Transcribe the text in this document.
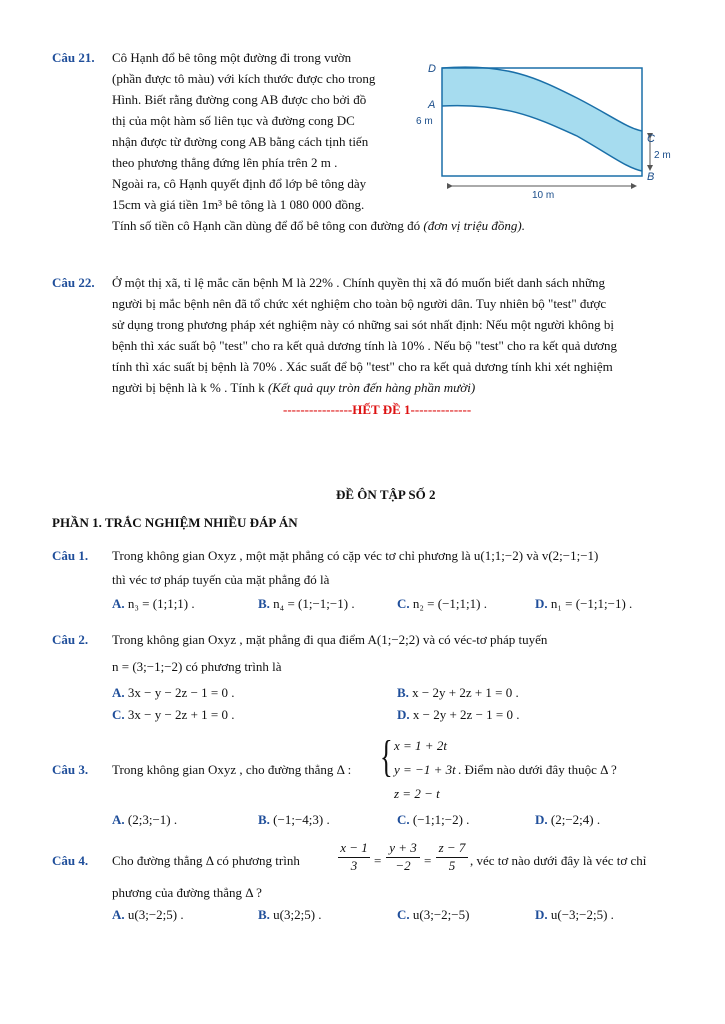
Câu 21. Cô Hạnh đổ bê tông một đường đi trong vườn
(phần được tô màu) với kích thước được cho trong
Hình. Biết rằng đường cong AB được cho bởi đồ
thị của một hàm số liên tục và đường cong DC
nhận được từ đường cong AB bằng cách tịnh tiến
theo phương thẳng đứng lên phía trên 2 m .
Ngoài ra, cô Hạnh quyết định đổ lớp bê tông dày
15cm và giá tiền 1m³ bê tông là 1 080 000 đồng.
Tính số tiền cô Hạnh cần dùng để đổ bê tông con đường đó (đơn vị triệu đồng).
D
A
6 m
C
2 m
B
10 m
Câu 22. Ở một thị xã, tỉ lệ mắc căn bệnh M là 22% . Chính quyền thị xã đó muốn biết danh sách những
người bị mắc bệnh nên đã tổ chức xét nghiệm cho toàn bộ người dân. Tuy nhiên bộ "test" được
sử dụng trong phương pháp xét nghiệm này có những sai sót nhất định: Nếu một người không bị
bệnh thì xác suất bộ "test" cho ra kết quả dương tính là 10% . Nếu bộ "test" cho ra kết quả dương
tính thì xác suất bị bệnh là 70% . Xác suất để bộ "test" cho ra kết quả dương tính khi xét nghiệm
người bị bệnh là k % . Tính k (Kết quả quy tròn đến hàng phần mười)
----------------HẾT ĐỀ 1--------------
ĐỀ ÔN TẬP SỐ 2
PHẦN 1. TRẮC NGHIỆM NHIỀU ĐÁP ÁN
Câu 1. Trong không gian Oxyz , một mặt phẳng có cặp véc tơ chỉ phương là u(1;1;−2) và v(2;−1;−1)
thì véc tơ pháp tuyến của mặt phẳng đó là
A. n₃ = (1;1;1) .	B. n₄ = (1;−1;−1) .	C. n₂ = (−1;1;1) .	D. n₁ = (−1;1;−1) .
Câu 2. Trong không gian Oxyz , mặt phẳng đi qua điểm A(1;−2;2) và có véc-tơ pháp tuyến
n = (3;−1;−2) có phương trình là
A. 3x − y − 2z − 1 = 0 .	B. x − 2y + 2z + 1 = 0 .
C. 3x − y − 2z + 1 = 0 .	D. x − 2y + 2z − 1 = 0 .
Câu 3. Trong không gian Oxyz , cho đường thẳng Δ : { x = 1 + 2t
y = −1 + 3t
z = 2 − t
. Điểm nào dưới đây thuộc Δ ?
A. (2;3;−1) .	B. (−1;−4;3) .	C. (−1;1;−2) .	D. (2;−2;4) .
Câu 4. Cho đường thẳng Δ có phương trình	$\frac{x - 1}{3} = \frac{y + 3}{-2} = \frac{z - 7}{5}$ , véc tơ nào dưới đây là véc tơ chỉ
phương của đường thẳng Δ ?
A. u(3;−2;5) .	B. u(3;2;5) .	C. u(3;−2;−5)	D. u(−3;−2;5) .
